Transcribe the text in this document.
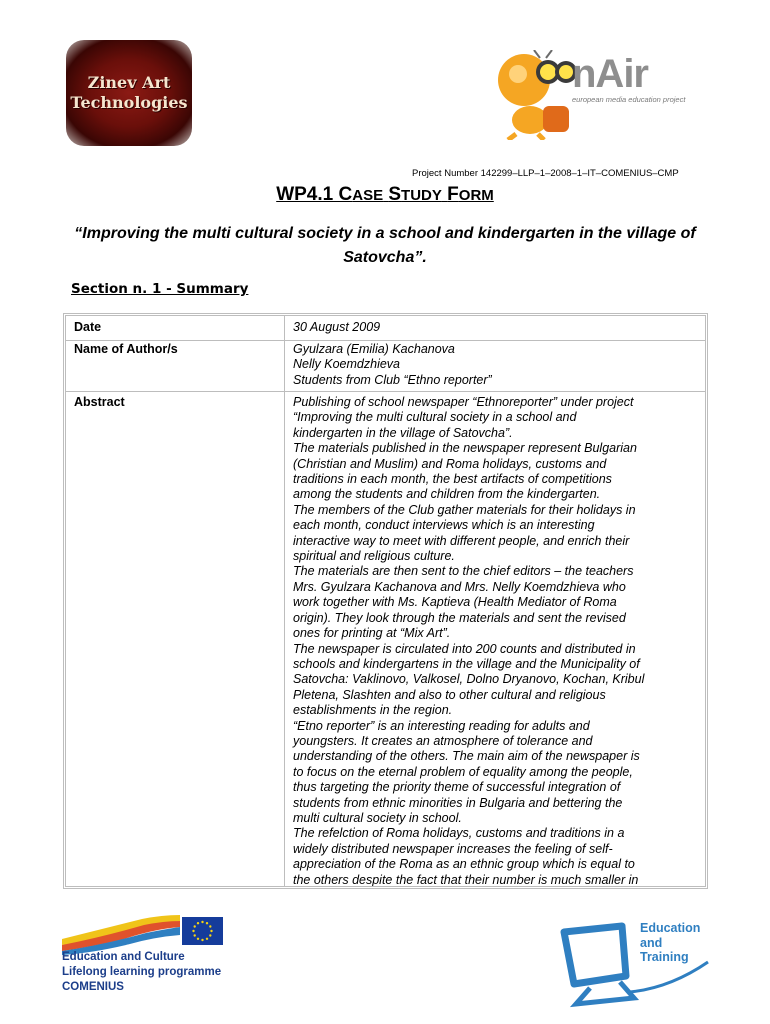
Zinev Art
Technologies
nAir
european media education project
Project Number 142299–LLP–1–2008–1–IT–COMENIUS–CMP
WP4.1 CASE STUDY FORM
“Improving the multi cultural society in a school and kindergarten in the village of Satovcha”.
Section n. 1 - Summary
Date	30 August 2009
Name of Author/s	Gyulzara (Emilia) Kachanova
Nelly Koemdzhieva
Students from Club “Ethno reporter”
Abstract	Publishing of school newspaper “Ethnoreporter” under project
“Improving the multi cultural society in a school and
kindergarten in the village of Satovcha”.
The materials published in the newspaper represent Bulgarian
(Christian and Muslim) and Roma holidays, customs and
traditions in each month, the best artifacts of competitions
among the students and children from the kindergarten.
The members of the Club gather materials for their holidays in
each month, conduct interviews which is an interesting
interactive way to meet with different people, and enrich their
spiritual and religious culture.
The materials are then sent to the chief editors – the teachers
Mrs. Gyulzara Kachanova and Mrs. Nelly Koemdzhieva who
work together with Ms. Kaptieva (Health Mediator of Roma
origin). They look through the materials and sent the revised
ones for printing at “Mix Art”.
The newspaper is circulated into 200 counts and distributed in
schools and kindergartens in the village and the Municipality of
Satovcha: Vaklinovo, Valkosel, Dolno Dryanovo, Kochan, Kribul
Pletena, Slashten and also to other cultural and religious
establishments in the region.
“Etno reporter” is an interesting reading for adults and
youngsters. It creates an atmosphere of tolerance and
understanding of the others. The main aim of the newspaper is
to focus on the eternal problem of equality among the people,
thus targeting the priority theme of successful integration of
students from ethnic minorities in Bulgaria and bettering the
multi cultural society in school.
The refelction of Roma holidays, customs and traditions in a
widely distributed newspaper increases the feeling of self-
appreciation of the Roma as an ethnic group which is equal to
the others despite the fact that their number is much smaller in
Education and Culture
Lifelong learning programme
COMENIUS
Education
and
Training
